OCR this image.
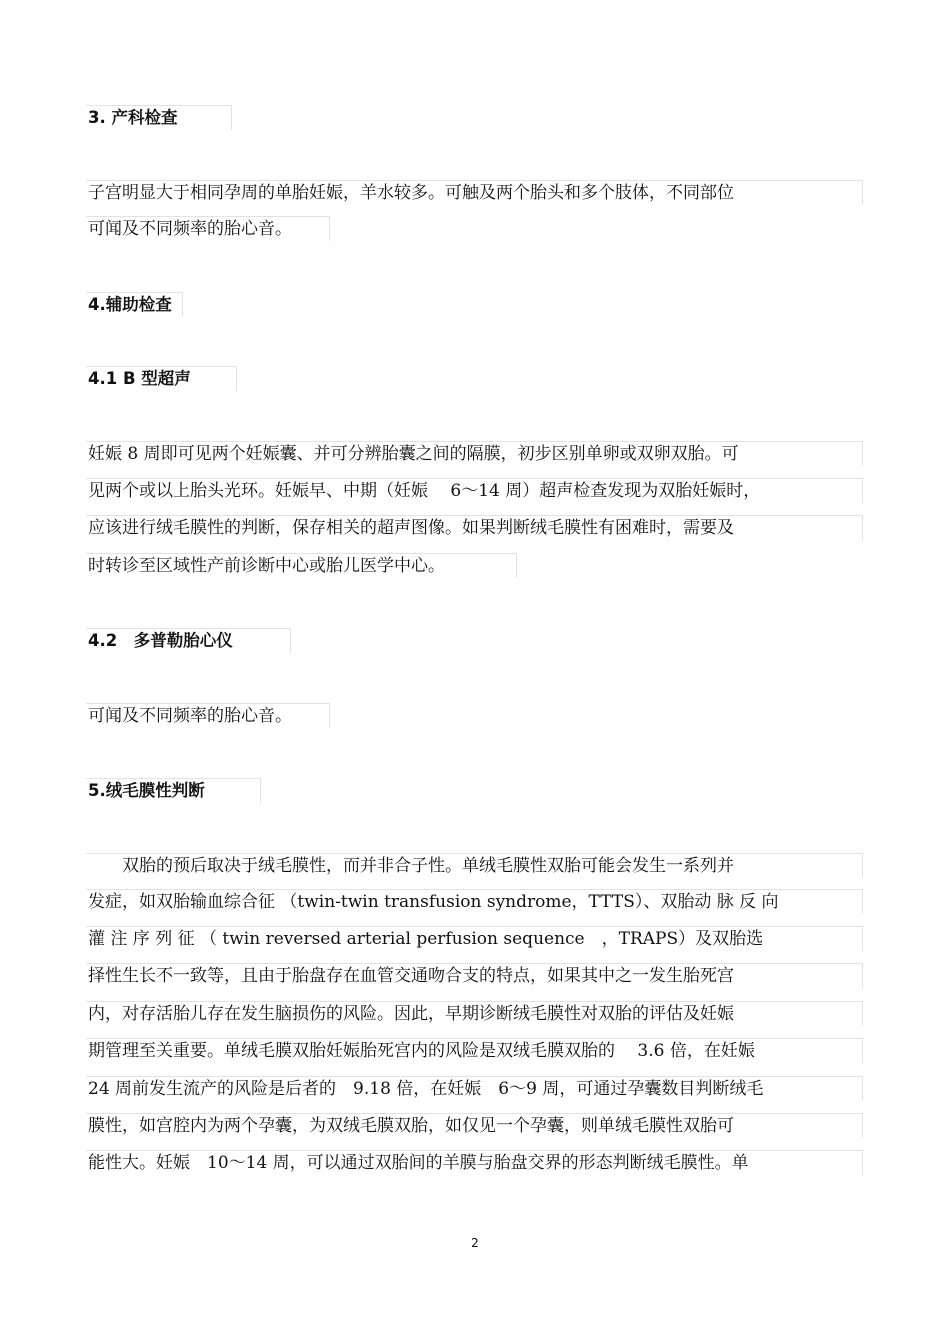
3. 产科检查
子宫明显大于相同孕周的单胎妊娠，羊水较多。可触及两个胎头和多个肢体，不同部位
可闻及不同频率的胎心音。
4.辅助检查
4.1 B 型超声
妊娠 8 周即可见两个妊娠囊、并可分辨胎囊之间的隔膜，初步区别单卵或双卵双胎。可
见两个或以上胎头光环。妊娠早、中期（妊娠　 6～14 周）超声检查发现为双胎妊娠时，
应该进行绒毛膜性的判断，保存相关的超声图像。如果判断绒毛膜性有困难时，需要及
时转诊至区域性产前诊断中心或胎儿医学中心。
4.2　多普勒胎心仪
可闻及不同频率的胎心音。
5.绒毛膜性判断
　　双胎的预后取决于绒毛膜性，而并非合子性。单绒毛膜性双胎可能会发生一系列并
发症，如双胎输血综合征 （twin-twin transfusion syndrome，TTTS）、双胎动 脉 反 向
灌 注 序 列 征 （ twin reversed arterial perfusion sequence　，TRAPS）及双胎选
择性生长不一致等，且由于胎盘存在血管交通吻合支的特点，如果其中之一发生胎死宫
内，对存活胎儿存在发生脑损伤的风险。因此，早期诊断绒毛膜性对双胎的评估及妊娠
期管理至关重要。单绒毛膜双胎妊娠胎死宫内的风险是双绒毛膜双胎的　 3.6 倍，在妊娠
24 周前发生流产的风险是后者的　9.18 倍，在妊娠　6～9 周，可通过孕囊数目判断绒毛
膜性，如宫腔内为两个孕囊，为双绒毛膜双胎，如仅见一个孕囊，则单绒毛膜性双胎可
能性大。妊娠　10～14 周，可以通过双胎间的羊膜与胎盘交界的形态判断绒毛膜性。单
2
